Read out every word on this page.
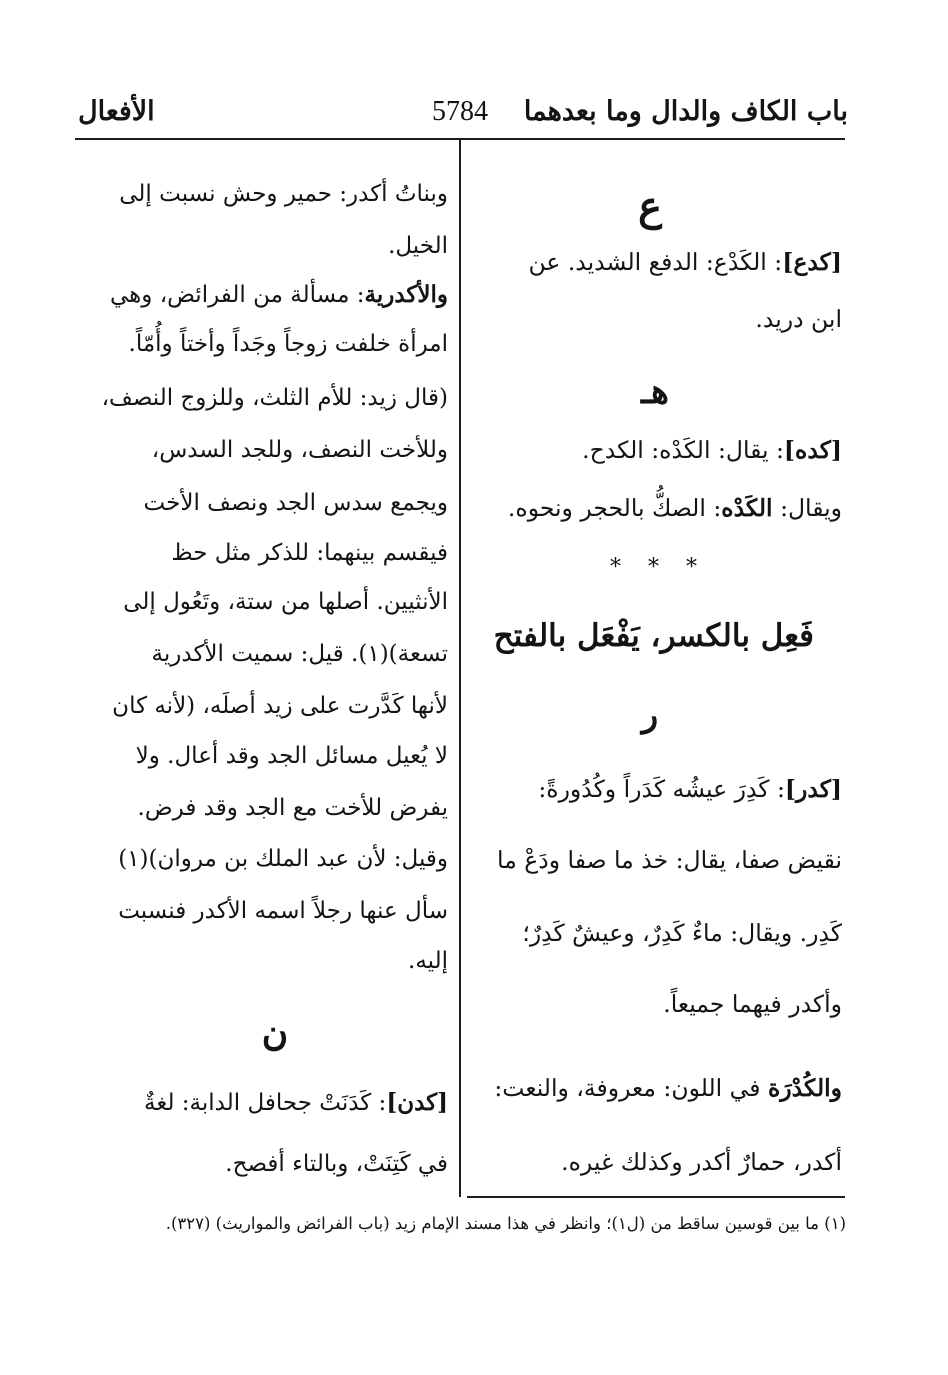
باب الكاف والدال وما بعدهما
5784
الأفعال
ع
[كدع]: الكَدْع: الدفع الشديد. عن
ابن دريد.
هـ
[كده]: يقال: الكَدْه: الكدح.
ويقال: الكَدْه: الصكُّ بالحجر ونحوه.
* * *
فَعِل بالكسر، يَفْعَل بالفتح
ر
[كدر]: كَدِرَ عيشُه كَدَراً وكُدُورةً:
نقيض صفا، يقال: خذ ما صفا ودَعْ ما
كَدِر. ويقال: ماءٌ كَدِرٌ، وعيشٌ كَدِرٌ؛
وأكدر فيهما جميعاً.
والكُدْرَة في اللون: معروفة، والنعت:
أكدر، حمارٌ أكدر وكذلك غيره.
وبناتُ أكدر: حمير وحش نسبت إلى
الخيل.
والأكدرية: مسألة من الفرائض، وهي
امرأة خلفت زوجاً وجَداً وأختاً وأُمّاً.
(قال زيد: للأم الثلث، وللزوج النصف،
وللأخت النصف، وللجد السدس،
ويجمع سدس الجد ونصف الأخت
فيقسم بينهما: للذكر مثل حظ
الأنثيين. أصلها من ستة، وتَعُول إلى
تسعة)(١). قيل: سميت الأكدرية
لأنها كَدَّرت على زيد أصلَه، (لأنه كان
لا يُعيل مسائل الجد وقد أعال. ولا
يفرض للأخت مع الجد وقد فرض.
وقيل: لأن عبد الملك بن مروان)(١)
سأل عنها رجلاً اسمه الأكدر فنسبت
إليه.
ن
[كدن]: كَدَنَتْ جحافل الدابة: لغةٌ
في كَتِنَتْ، وبالتاء أفصح.
(١) ما بين قوسين ساقط من (ل١)؛ وانظر في هذا مسند الإمام زيد (باب الفرائض والمواريث) (٣٢٧).
